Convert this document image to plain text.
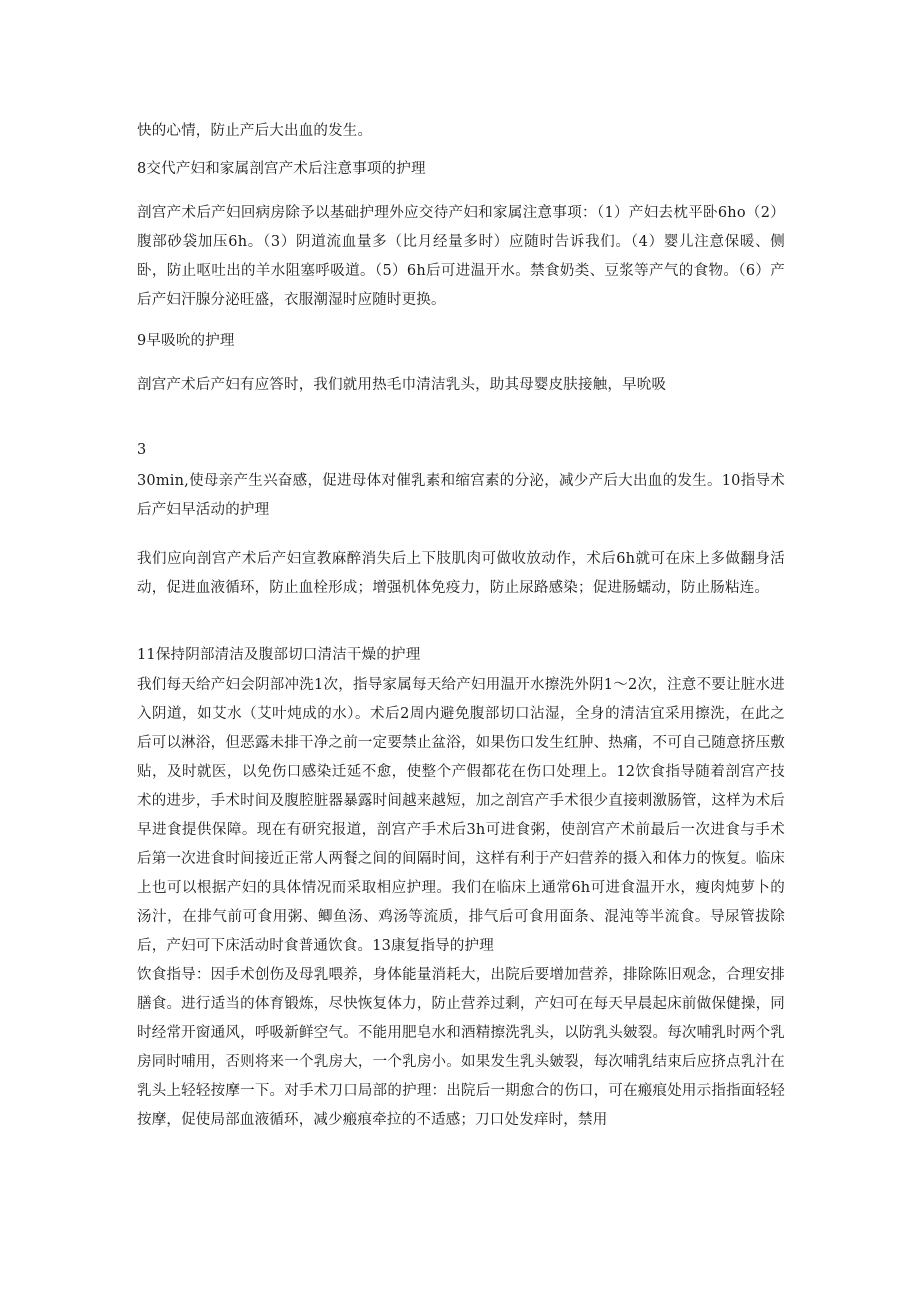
快的心情，防止产后大出血的发生。

8交代产妇和家属剖宫产术后注意事项的护理

剖宫产术后产妇回病房除予以基础护理外应交待产妇和家属注意事项：（1）产妇去枕平卧6ho（2）腹部砂袋加压6h。（3）阴道流血量多（比月经量多时）应随时告诉我们。（4）婴儿注意保暖、侧卧，防止呕吐出的羊水阻塞呼吸道。（5）6h后可进温开水。禁食奶类、豆浆等产气的食物。（6）产后产妇汗腺分泌旺盛，衣服潮湿时应随时更换。

9早吸吮的护理

剖宫产术后产妇有应答时，我们就用热毛巾清洁乳头，助其母婴皮肤接触，早吮吸

3

30min,使母亲产生兴奋感，促进母体对催乳素和缩宫素的分泌，减少产后大出血的发生。10指导术后产妇早活动的护理

我们应向剖宫产术后产妇宣教麻醉消失后上下肢肌肉可做收放动作，术后6h就可在床上多做翻身活动，促进血液循环，防止血栓形成；增强机体免疫力，防止尿路感染；促进肠蠕动，防止肠粘连。

11保持阴部清洁及腹部切口清洁干燥的护理

我们每天给产妇会阴部冲洗1次，指导家属每天给产妇用温开水擦洗外阴1～2次，注意不要让脏水进入阴道，如艾水（艾叶炖成的水）。术后2周内避免腹部切口沾湿，全身的清洁宜采用擦洗，在此之后可以淋浴，但恶露未排干净之前一定要禁止盆浴，如果伤口发生红肿、热痛，不可自己随意挤压敷贴，及时就医，以免伤口感染迁延不愈，使整个产假都花在伤口处理上。12饮食指导随着剖宫产技术的进步，手术时间及腹腔脏器暴露时间越来越短，加之剖宫产手术很少直接刺激肠管，这样为术后早进食提供保障。现在有研究报道，剖宫产手术后3h可进食粥，使剖宫产术前最后一次进食与手术后第一次进食时间接近正常人两餐之间的间隔时间，这样有利于产妇营养的摄入和体力的恢复。临床上也可以根据产妇的具体情况而采取相应护理。我们在临床上通常6h可进食温开水，瘦肉炖萝卜的汤汁，在排气前可食用粥、鲫鱼汤、鸡汤等流质，排气后可食用面条、混沌等半流食。导尿管拔除后，产妇可下床活动时食普通饮食。13康复指导的护理

饮食指导：因手术创伤及母乳喂养，身体能量消耗大，出院后要增加营养，排除陈旧观念，合理安排膳食。进行适当的体育锻炼，尽快恢复体力，防止营养过剩，产妇可在每天早晨起床前做保健操，同时经常开窗通风，呼吸新鲜空气。不能用肥皂水和酒精擦洗乳头，以防乳头皴裂。每次哺乳时两个乳房同时哺用，否则将来一个乳房大，一个乳房小。如果发生乳头皴裂，每次哺乳结束后应挤点乳汁在乳头上轻轻按摩一下。对手术刀口局部的护理：出院后一期愈合的伤口，可在瘢痕处用示指指面轻轻按摩，促使局部血液循环，减少瘢痕牵拉的不适感；刀口处发痒时，禁用
